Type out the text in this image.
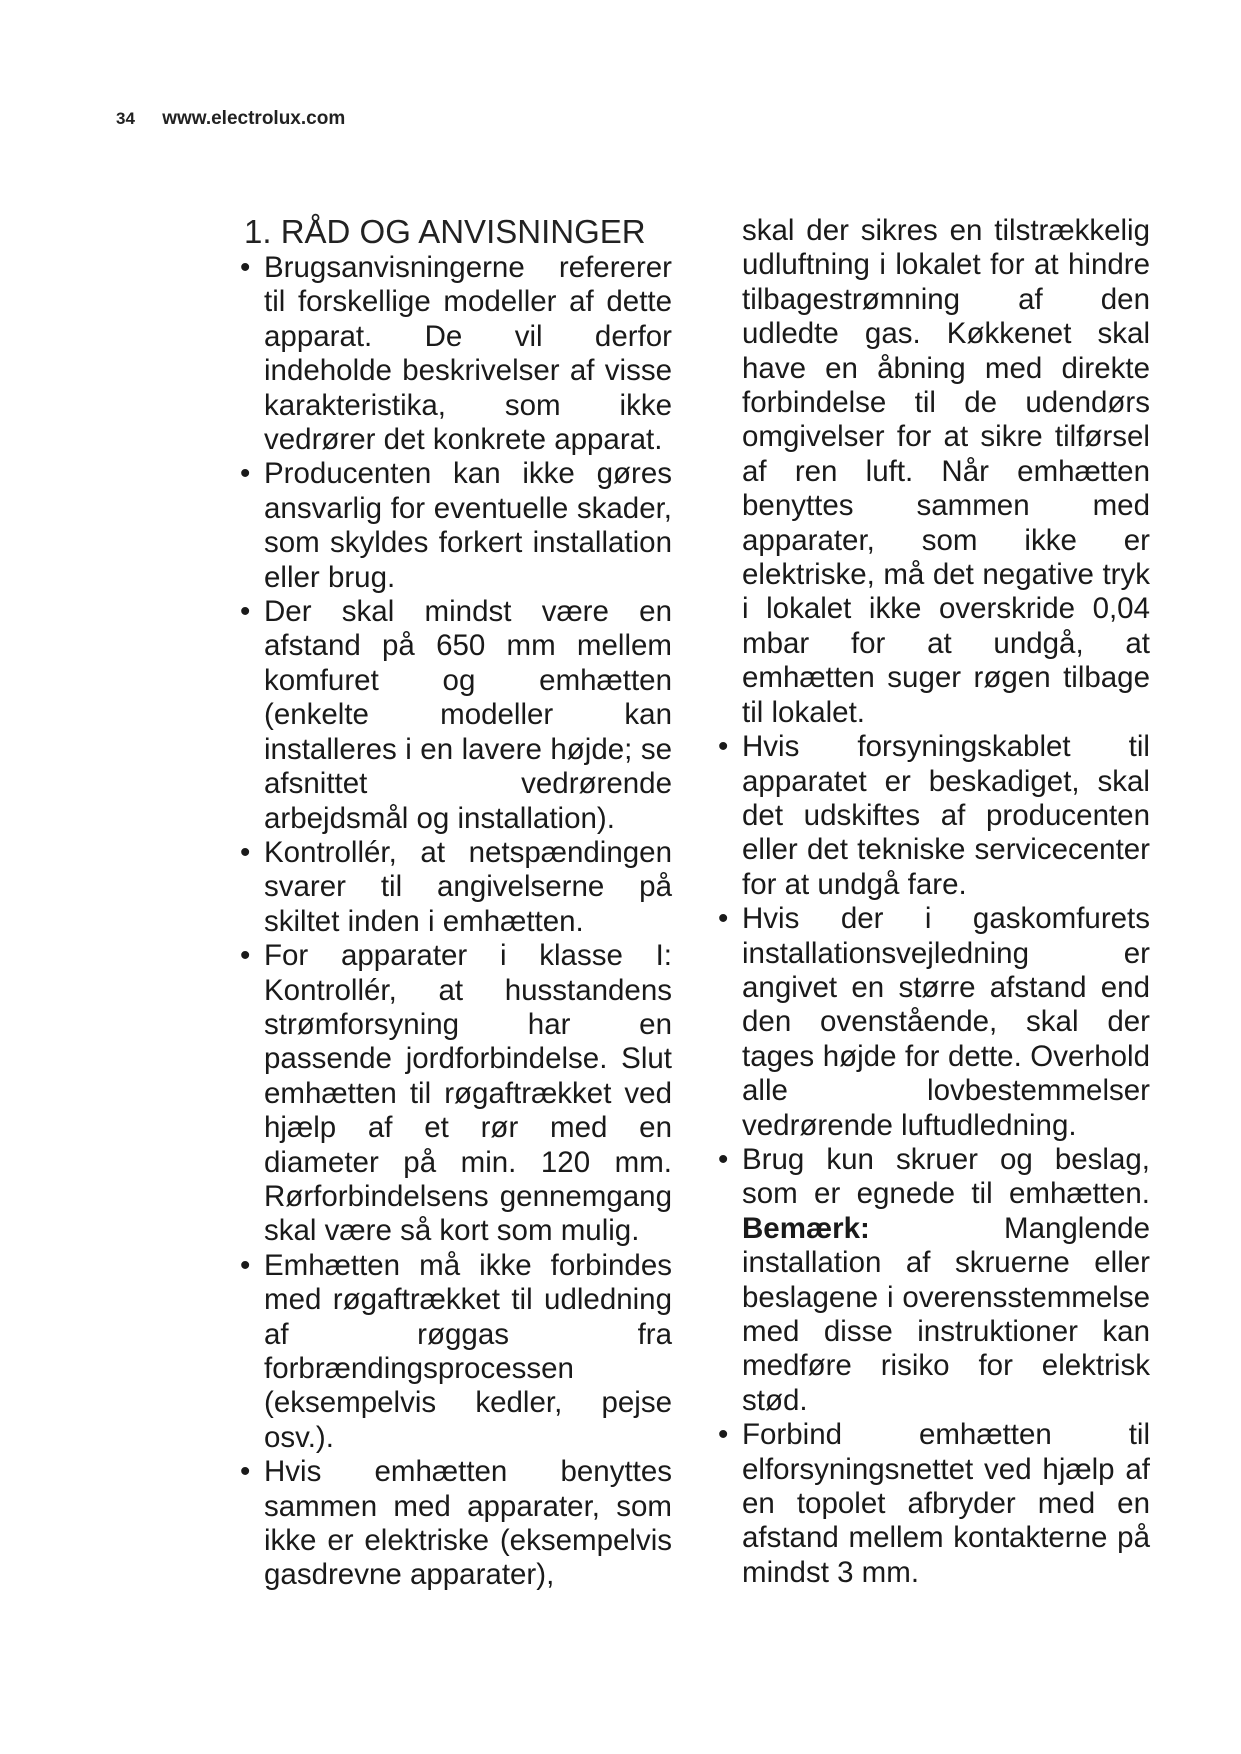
34 www.electrolux.com
1. RÅD OG ANVISNINGER
• Brugsanvisningerne refererer til forskellige modeller af dette apparat. De vil derfor indeholde beskrivelser af visse karakteristika, som ikke vedrører det konkrete apparat.
• Producenten kan ikke gøres ansvarlig for eventuelle skader, som skyldes forkert installation eller brug.
• Der skal mindst være en afstand på 650 mm mellem komfuret og emhætten (enkelte modeller kan installeres i en lavere højde; se afsnittet vedrørende arbejdsmål og installation).
• Kontrollér, at netspændingen svarer til angivelserne på skiltet inden i emhætten.
• For apparater i klasse I: Kontrollér, at husstandens strømforsyning har en passende jordforbindelse. Slut emhætten til røgaftrækket ved hjælp af et rør med en diameter på min. 120 mm. Rørforbindelsens gennemgang skal være så kort som mulig.
• Emhætten må ikke forbindes med røgaftrækket til udledning af røggas fra forbrændingsprocessen (eksempelvis kedler, pejse osv.).
• Hvis emhætten benyttes sammen med apparater, som ikke er elektriske (eksempelvis gasdrevne apparater),

skal der sikres en tilstrækkelig udluftning i lokalet for at hindre tilbagestrømning af den udledte gas. Køkkenet skal have en åbning med direkte forbindelse til de udendørs omgivelser for at sikre tilførsel af ren luft. Når emhætten benyttes sammen med apparater, som ikke er elektriske, må det negative tryk i lokalet ikke overskride 0,04 mbar for at undgå, at emhætten suger røgen tilbage til lokalet.

• Hvis forsyningskablet til apparatet er beskadiget, skal det udskiftes af producenten eller det tekniske servicecenter for at undgå fare.
• Hvis der i gaskomfurets installationsvejledning er angivet en større afstand end den ovenstående, skal der tages højde for dette. Overhold alle lovbestemmelser vedrørende luftudledning.
• Brug kun skruer og beslag, som er egnede til emhætten. Bemærk:	Manglende installation af skruerne eller beslagene i overensstemmelse med disse instruktioner kan medføre risiko for elektrisk stød.
• Forbind emhætten til elforsyningsnettet ved hjælp af en topolet afbryder med en afstand mellem kontakterne på mindst 3 mm.
